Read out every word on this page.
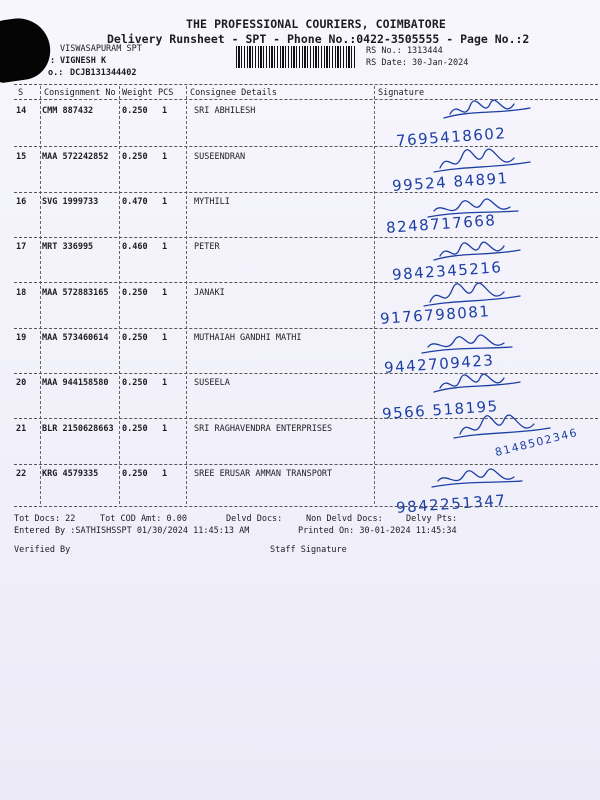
THE PROFESSIONAL COURIERS, COIMBATORE
Delivery Runsheet - SPT - Phone No.:0422-3505555 - Page No.:2
VISWASAPURAM SPT
: VIGNESH K
o.: DCJB131344402
RS No.: 1313444
RS Date: 30-Jan-2024
S Consignment No Weight PCS Consignee Details	Signature
14 CMM 887432	0.250 1	SRI ABHILESH
7695418602
15 MAA 572242852 0.250 1	SUSEENDRAN
99524 84891
16 SVG 1999733	0.470 1	MYTHILI
8248717668
17 MRT 336995	0.460 1	PETER
9842345216
18 MAA 572883165 0.250 1	JANAKI
9176798081
19 MAA 573460614 0.250 1	MUTHAIAH GANDHI MATHI
9442709423
20 MAA 944158580 0.250 1	SUSEELA
9566 518195
21 BLR 2150628663 0.250 1	SRI RAGHAVENDRA ENTERPRISES	8148502346
22 KRG 4579335	0.250 1	SREE ERUSAR AMMAN TRANSPORT
9842251347
Tot Docs: 22	Tot COD Amt: 0.00	Delvd Docs:	Non Delvd Docs:	Delvy Pts:
Entered By :SATHISHSSPT 01/30/2024 11:45:13 AM	Printed On: 30-01-2024 11:45:34
Verified By	Staff Signature
